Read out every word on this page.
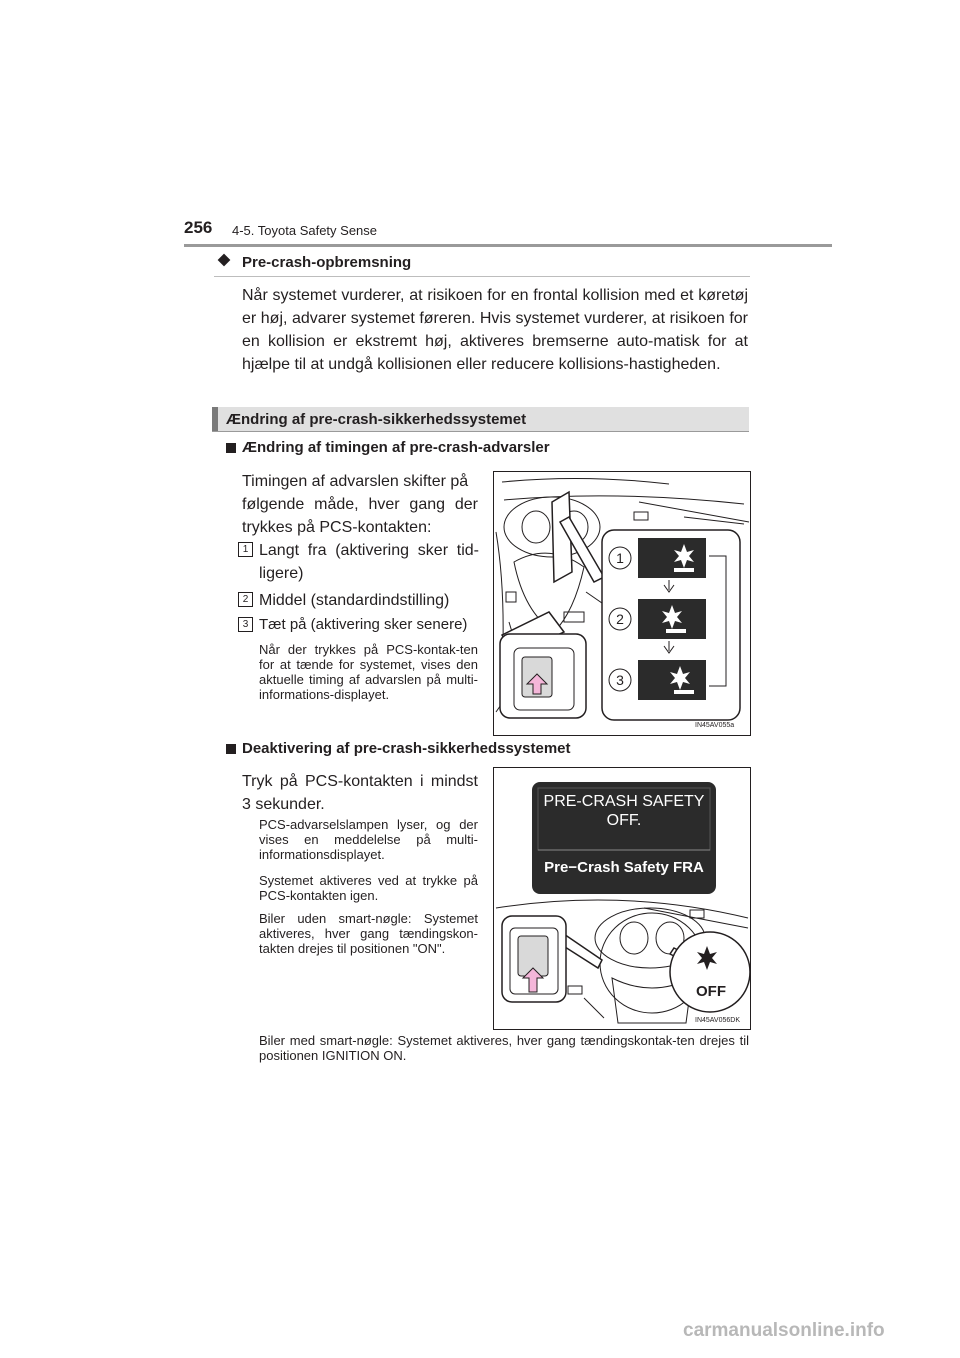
256 4-5. Toyota Safety Sense
Pre-crash-opbremsning
Når systemet vurderer, at risikoen for en frontal kollision med et køretøj er høj, advarer systemet føreren. Hvis systemet vurderer, at risikoen for en kollision er ekstremt høj, aktiveres bremserne auto-matisk for at hjælpe til at undgå kollisionen eller reducere kollisions-hastigheden.
Ændring af pre-crash-sikkerhedssystemet
Ændring af timingen af pre-crash-advarsler
Timingen af advarslen skifter på
følgende måde, hver gang der
trykkes på PCS-kontakten:
1 Langt fra (aktivering sker tid-
ligere)
2 Middel (standardindstilling)
3 Tæt på (aktivering sker senere)
Når der trykkes på PCS-kontak-ten for at tænde for systemet, vises den aktuelle timing af advarslen på multi-informations-displayet.
1
2
3
IN45AV055a
Deaktivering af pre-crash-sikkerhedssystemet
Tryk på PCS-kontakten i mindst
3 sekunder.
PCS-advarselslampen lyser, og der vises en meddelelse på multi-informationsdisplayet.
Systemet aktiveres ved at trykke på PCS-kontakten igen.
Biler uden smart-nøgle: Systemet aktiveres, hver gang tændingskon-takten drejes til positionen "ON".
PRE-CRASH SAFETY
OFF.
Pre−Crash Safety FRA
OFF
IN45AV056DK
Biler med smart-nøgle: Systemet aktiveres, hver gang tændingskontak-ten drejes til positionen IGNITION ON.
carmanualsonline.info
